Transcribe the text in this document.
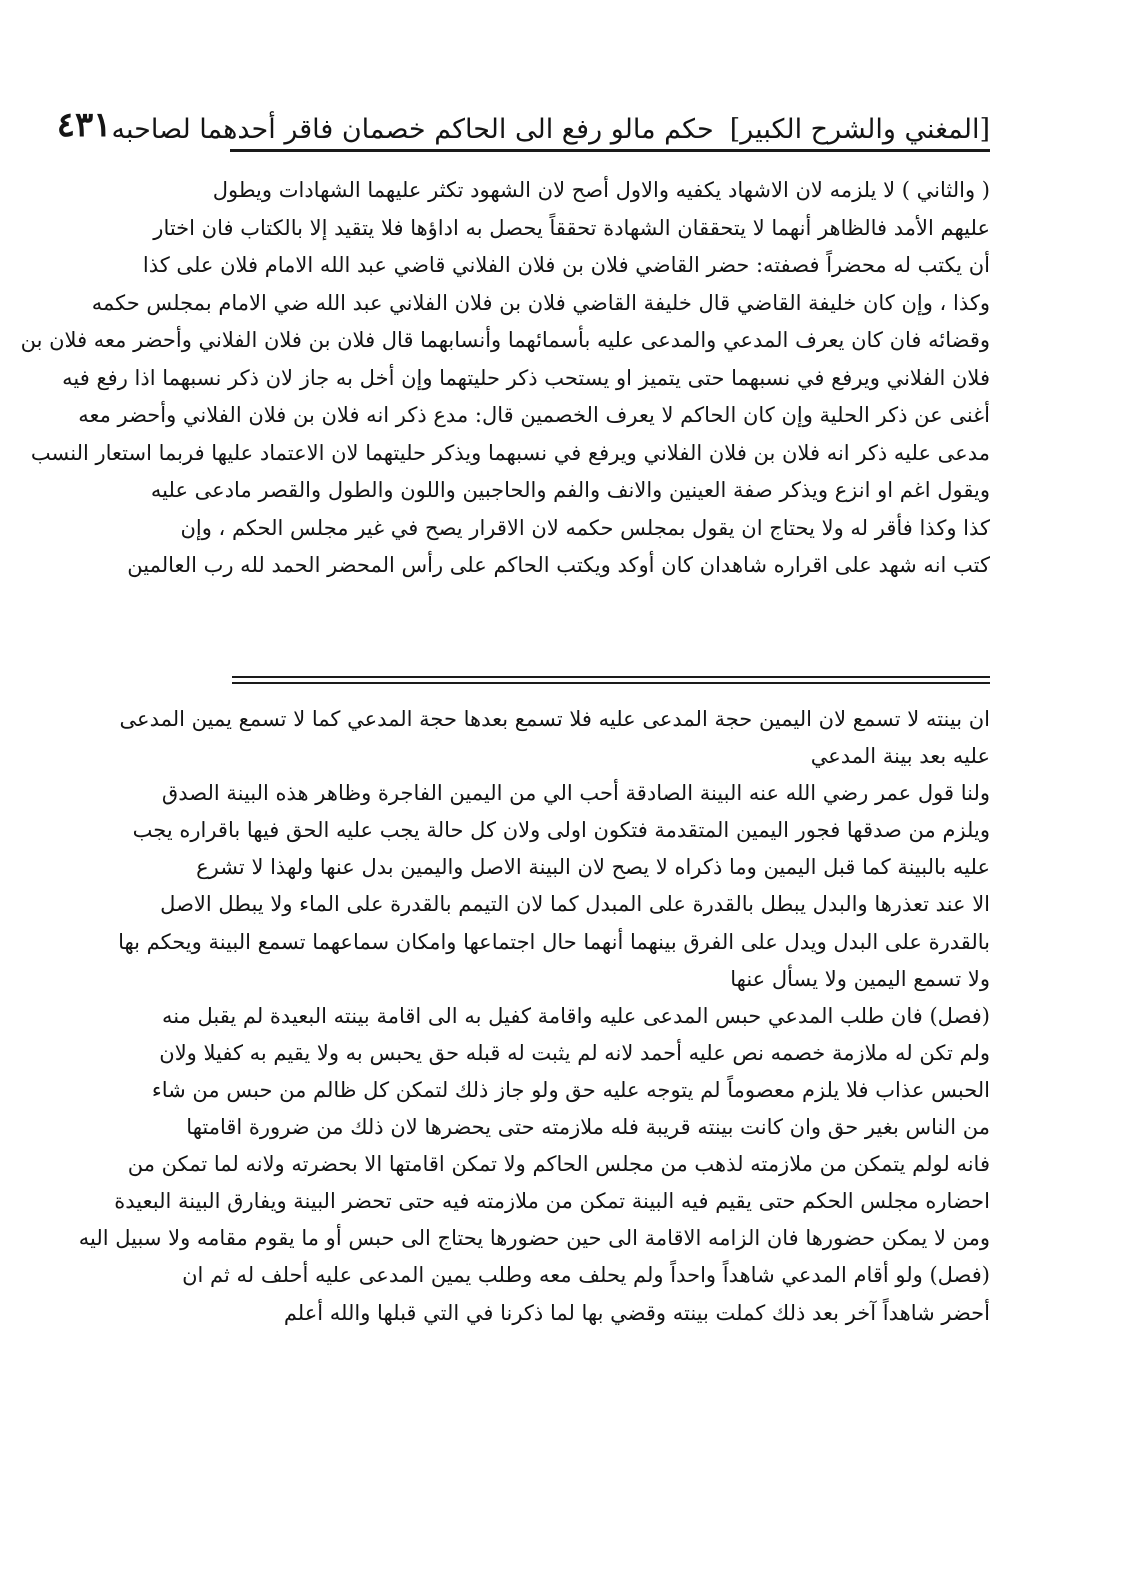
[المغني والشرح الكبير]
حكم مالو رفع الى الحاكم خصمان فاقر أحدهما لصاحبه
٤٣١
( والثاني ) لا يلزمه لان الاشهاد يكفيه والاول أصح لان الشهود تكثر عليهما الشهادات ويطول
عليهم الأمد فالظاهر أنهما لا يتحققان الشهادة تحققاً يحصل به اداؤها فلا يتقيد إلا بالكتاب فان اختار
أن يكتب له محضراً فصفته: حضر القاضي فلان بن فلان الفلاني قاضي عبد الله الامام فلان على كذا
وكذا ، وإن كان خليفة القاضي قال خليفة القاضي فلان بن فلان الفلاني عبد الله ضي الامام بمجلس حكمه
وقضائه فان كان يعرف المدعي والمدعى عليه بأسمائهما وأنسابهما قال فلان بن فلان الفلاني وأحضر معه فلان بن
فلان الفلاني ويرفع في نسبهما حتى يتميز او يستحب ذكر حليتهما وإن أخل به جاز لان ذكر نسبهما اذا رفع فيه
أغنى عن ذكر الحلية وإن كان الحاكم لا يعرف الخصمين قال: مدع ذكر انه فلان بن فلان الفلاني وأحضر معه
مدعى عليه ذكر انه فلان بن فلان الفلاني ويرفع في نسبهما ويذكر حليتهما لان الاعتماد عليها فربما استعار النسب
ويقول اغم او انزع ويذكر صفة العينين والانف والفم والحاجبين واللون والطول والقصر مادعى عليه
كذا وكذا فأقر له ولا يحتاج ان يقول بمجلس حكمه لان الاقرار يصح في غير مجلس الحكم ، وإن
كتب انه شهد على اقراره شاهدان كان أوكد ويكتب الحاكم على رأس المحضر الحمد لله رب العالمين
ان بينته لا تسمع لان اليمين حجة المدعى عليه فلا تسمع بعدها حجة المدعي كما لا تسمع يمين المدعى
عليه بعد بينة المدعي
ولنا قول عمر رضي الله عنه البينة الصادقة أحب الي من اليمين الفاجرة وظاهر هذه البينة الصدق
ويلزم من صدقها فجور اليمين المتقدمة فتكون اولى ولان كل حالة يجب عليه الحق فيها باقراره يجب
عليه بالبينة كما قبل اليمين وما ذكراه لا يصح لان البينة الاصل واليمين بدل عنها ولهذا لا تشرع
الا عند تعذرها والبدل يبطل بالقدرة على المبدل كما لان التيمم بالقدرة على الماء ولا يبطل الاصل
بالقدرة على البدل ويدل على الفرق بينهما أنهما حال اجتماعها وامكان سماعهما تسمع البينة ويحكم بها
ولا تسمع اليمين ولا يسأل عنها
(فصل) فان طلب المدعي حبس المدعى عليه واقامة كفيل به الى اقامة بينته البعيدة لم يقبل منه
ولم تكن له ملازمة خصمه نص عليه أحمد لانه لم يثبت له قبله حق يحبس به ولا يقيم به كفيلا ولان
الحبس عذاب فلا يلزم معصوماً لم يتوجه عليه حق ولو جاز ذلك لتمكن كل ظالم من حبس من شاء
من الناس بغير حق وان كانت بينته قريبة فله ملازمته حتى يحضرها لان ذلك من ضرورة اقامتها
فانه لولم يتمكن من ملازمته لذهب من مجلس الحاكم ولا تمكن اقامتها الا بحضرته ولانه لما تمكن من
احضاره مجلس الحكم حتى يقيم فيه البينة تمكن من ملازمته فيه حتى تحضر البينة ويفارق البينة البعيدة
ومن لا يمكن حضورها فان الزامه الاقامة الى حين حضورها يحتاج الى حبس أو ما يقوم مقامه ولا سبيل اليه
(فصل) ولو أقام المدعي شاهداً واحداً ولم يحلف معه وطلب يمين المدعى عليه أحلف له ثم ان
أحضر شاهداً آخر بعد ذلك كملت بينته وقضي بها لما ذكرنا في التي قبلها والله أعلم
